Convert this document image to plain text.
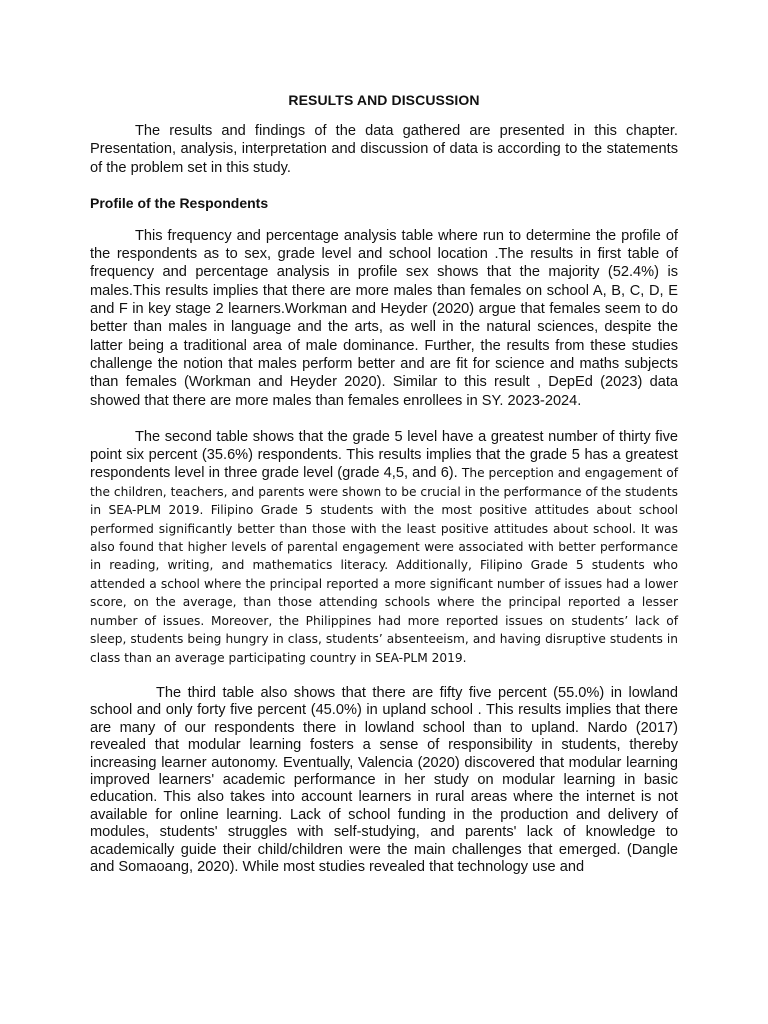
RESULTS AND DISCUSSION

The results and findings of the data gathered are presented in this chapter. Presentation, analysis, interpretation and discussion of data is according to the statements of the problem set in this study.

Profile of the Respondents

This frequency and percentage analysis table where run to determine the profile of the respondents as to sex, grade level and school location .The results in first table of frequency and percentage analysis in profile sex shows that the majority (52.4%) is males.This results implies that there are more males than females on school A, B, C, D, E and F in key stage 2 learners.Workman and Heyder (2020) argue that females seem to do better than males in language and the arts, as well in the natural sciences, despite the latter being a traditional area of male dominance. Further, the results from these studies challenge the notion that males perform better and are fit for science and maths subjects than females (Workman and Heyder 2020). Similar to this result , DepEd (2023) data showed that there are more males than females enrollees in SY. 2023-2024.

The second table shows that the grade 5 level have a greatest number of thirty five point six percent (35.6%) respondents. This results implies that the grade 5 has a greatest respondents level in three grade level (grade 4,5, and 6). The perception and engagement of the children, teachers, and parents were shown to be crucial in the performance of the students in SEA-PLM 2019. Filipino Grade 5 students with the most positive attitudes about school performed significantly better than those with the least positive attitudes about school. It was also found that higher levels of parental engagement were associated with better performance in reading, writing, and mathematics literacy. Additionally, Filipino Grade 5 students who attended a school where the principal reported a more significant number of issues had a lower score, on the average, than those attending schools where the principal reported a lesser number of issues. Moreover, the Philippines had more reported issues on students’ lack of sleep, students being hungry in class, students’ absenteeism, and having disruptive students in class than an average participating country in SEA-PLM 2019.

The third table also shows that there are fifty five percent (55.0%) in lowland school and only forty five percent (45.0%) in upland school . This results implies that there are many of our respondents there in lowland school than to upland. Nardo (2017) revealed that modular learning fosters a sense of responsibility in students, thereby increasing learner autonomy. Eventually, Valencia (2020) discovered that modular learning improved learners' academic performance in her study on modular learning in basic education. This also takes into account learners in rural areas where the internet is not available for online learning. Lack of school funding in the production and delivery of modules, students' struggles with self-studying, and parents' lack of knowledge to academically guide their child/children were the main challenges that emerged. (Dangle and Somaoang, 2020). While most studies revealed that technology use and
